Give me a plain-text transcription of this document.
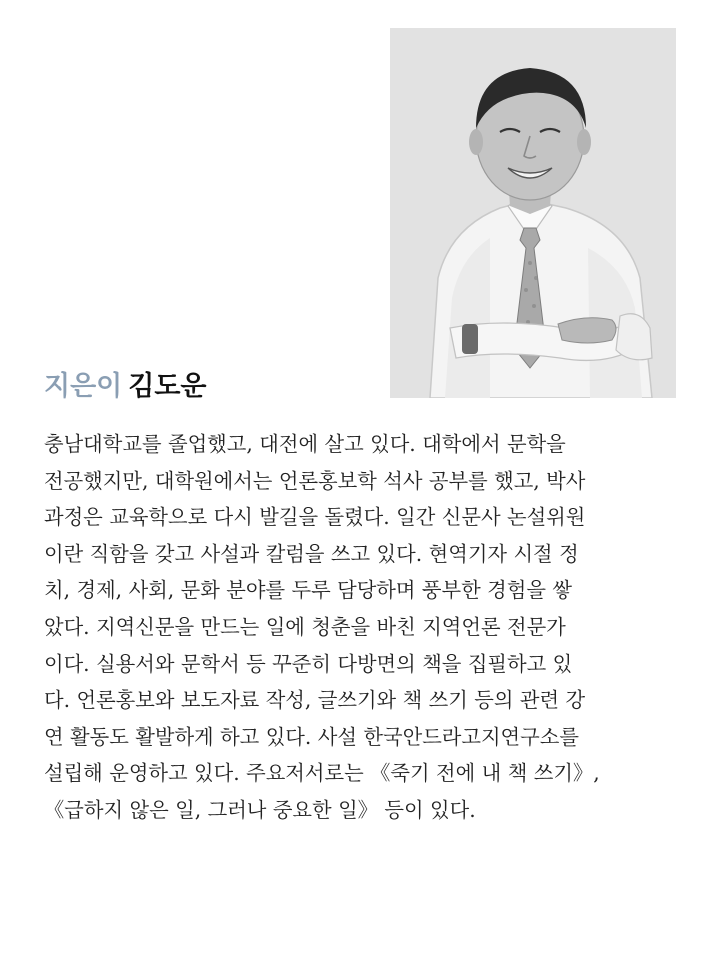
지은이 김도운
충남대학교를 졸업했고, 대전에 살고 있다. 대학에서 문학을
전공했지만, 대학원에서는 언론홍보학 석사 공부를 했고, 박사
과정은 교육학으로 다시 발길을 돌렸다. 일간 신문사 논설위원
이란 직함을 갖고 사설과 칼럼을 쓰고 있다. 현역기자 시절 정
치, 경제, 사회, 문화 분야를 두루 담당하며 풍부한 경험을 쌓
았다. 지역신문을 만드는 일에 청춘을 바친 지역언론 전문가
이다. 실용서와 문학서 등 꾸준히 다방면의 책을 집필하고 있
다. 언론홍보와 보도자료 작성, 글쓰기와 책 쓰기 등의 관련 강
연 활동도 활발하게 하고 있다. 사설 한국안드라고지연구소를
설립해 운영하고 있다. 주요저서로는 《죽기 전에 내 책 쓰기》,
《급하지 않은 일, 그러나 중요한 일》 등이 있다.
